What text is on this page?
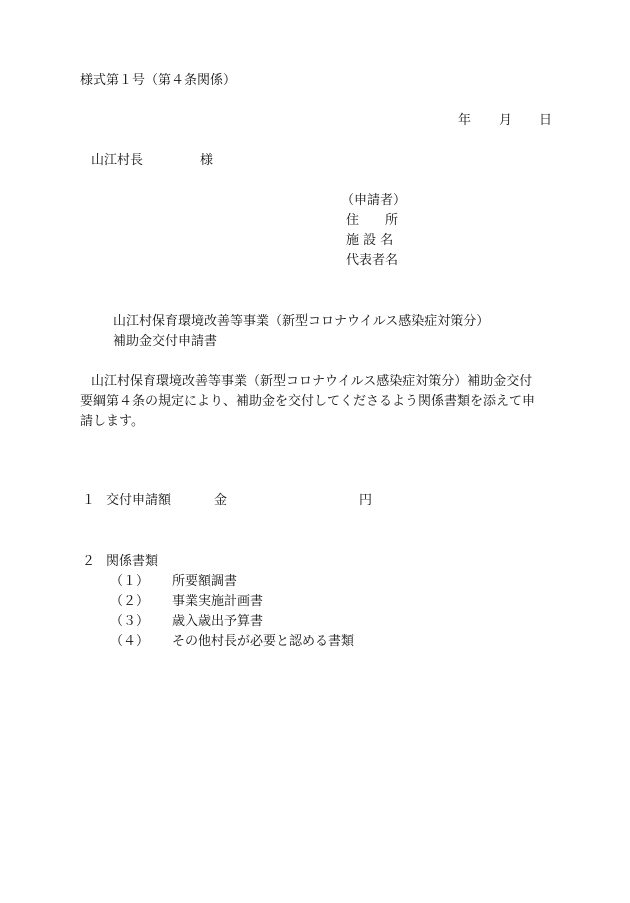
様式第１号（第４条関係）
年 月 日
山江村長	様
（申請者）
住　　所
施 設 名
代表者名
山江村保育環境改善等事業（新型コロナウイルス感染症対策分）
補助金交付申請書
山江村保育環境改善等事業（新型コロナウイルス感染症対策分）補助金交付
要綱第４条の規定により、補助金を交付してくださるよう関係書類を添えて申
請します。
１ 交付申請額	金	円
２ 関係書類
（１） 所要額調書
（２） 事業実施計画書
（３） 歳入歳出予算書
（４） その他村長が必要と認める書類
